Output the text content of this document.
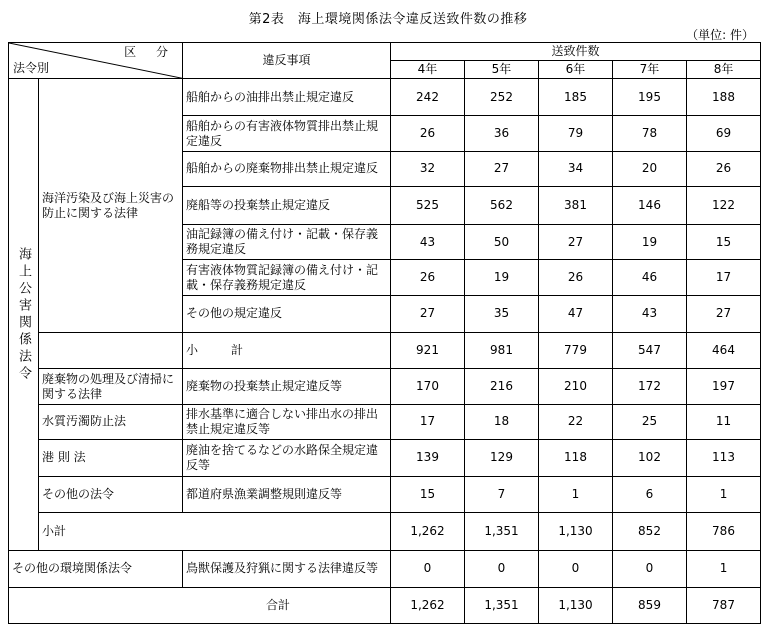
第2表　海上環境関係法令違反送致件数の推移
（単位: 件）
区 分
法令別		違反事項	送致件数				
			4年	5年	6年	7年	8年
海上公害関係法令	海洋汚染及び海上災害の防止に関する法律	船舶からの油排出禁止規定違反	242	252	185	195	188
		船舶からの有害液体物質排出禁止規定違反	26	36	79	78	69
		船舶からの廃棄物排出禁止規定違反	32	27	34	20	26
		廃船等の投棄禁止規定違反	525	562	381	146	122
		油記録簿の備え付け・記載・保存義務規定違反	43	50	27	19	15
		有害液体物質記録簿の備え付け・記載・保存義務規定違反	26	19	26	46	17
		その他の規定違反	27	35	47	43	27
		小　　計	921	981	779	547	464
	廃棄物の処理及び清掃に関する法律	廃棄物の投棄禁止規定違反等	170	216	210	172	197
	水質汚濁防止法	排水基準に適合しない排出水の排出禁止規定違反等	17	18	22	25	11
	港 則 法	廃油を捨てるなどの水路保全規定違反等	139	129	118	102	113
	その他の法令	都道府県漁業調整規則違反等	15	7	1	6	1
	小計		1,262	1,351	1,130	852	786
その他の環境関係法令		鳥獣保護及狩猟に関する法律違反等	0	0	0	0	1
合計			1,262	1,351	1,130	859	787
